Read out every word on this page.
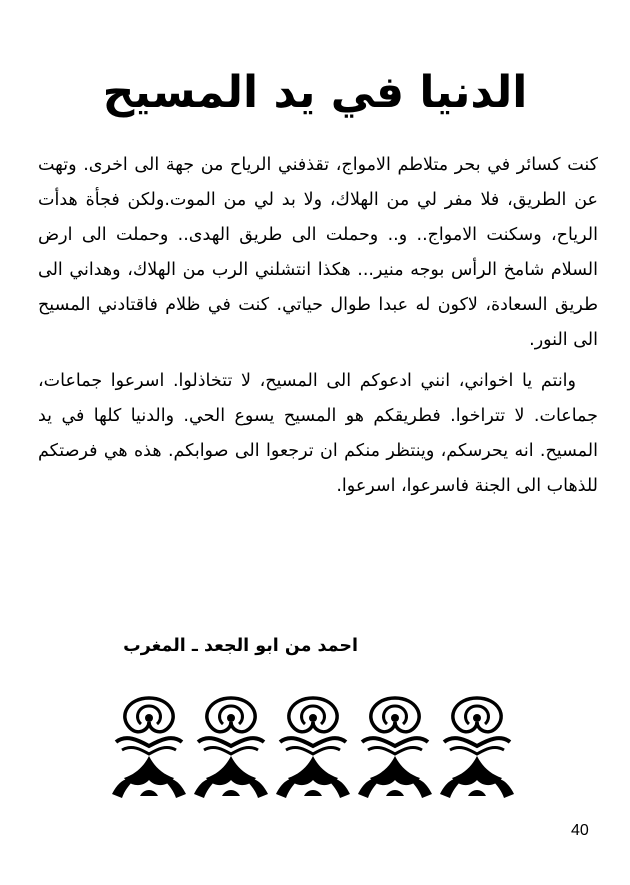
الدنيا في يد المسيح

كنت كسائر في بحر متلاطم الامواج، تقذفني الرياح من جهة الى اخرى. وتهت عن الطريق، فلا مفر لي من الهلاك، ولا بد لي من الموت.ولكن فجأة هدأت الرياح، وسكنت الامواج.. و.. وحملت الى طريق الهدى.. وحملت الى ارض السلام شامخ الرأس بوجه منير... هكذا انتشلني الرب من الهلاك، وهداني الى طريق السعادة، لاكون له عبدا طوال حياتي. كنت في ظلام فاقتادني المسيح الى النور.

وانتم يا اخواني، انني ادعوكم الى المسيح، لا تتخاذلوا. اسرعوا جماعات، جماعات. لا تتراخوا. فطريقكم هو المسيح يسوع الحي. والدنيا كلها في يد المسيح. انه يحرسكم، وينتظر منكم ان ترجعوا الى صوابكم. هذه هي فرصتكم للذهاب الى الجنة فاسرعوا، اسرعوا.

احمد من ابو الجعد ـ المغرب
40
